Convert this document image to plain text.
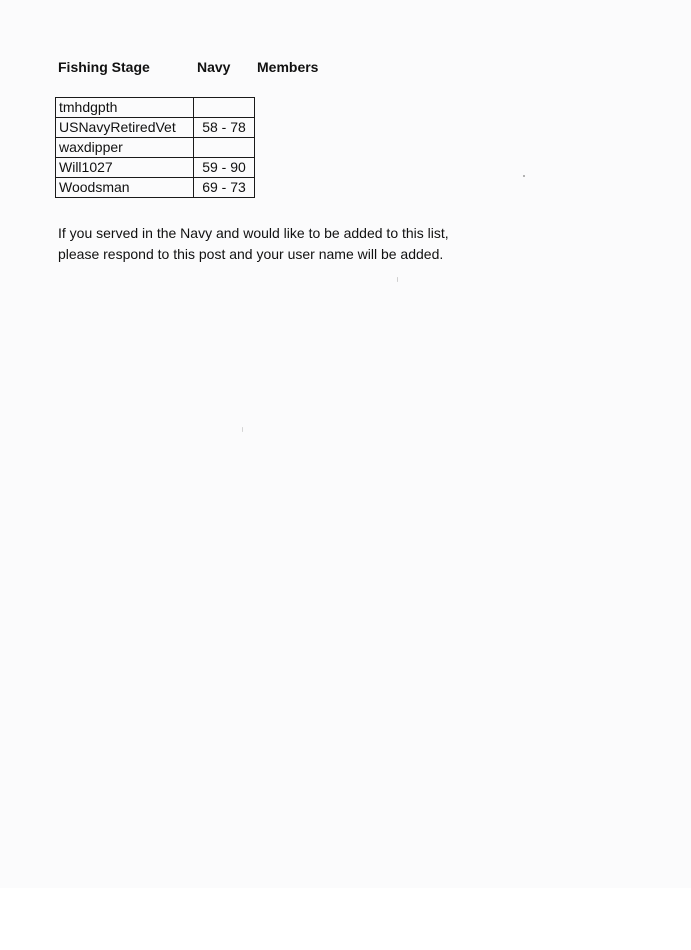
Fishing Stage	Navy Members
tmhdgpth	
USNavyRetiredVet	58 - 78
waxdipper	
Will1027	59 - 90
Woodsman	69 - 73

If you served in the Navy and would like to be added to this list,

please respond to this post and your user name will be added.
